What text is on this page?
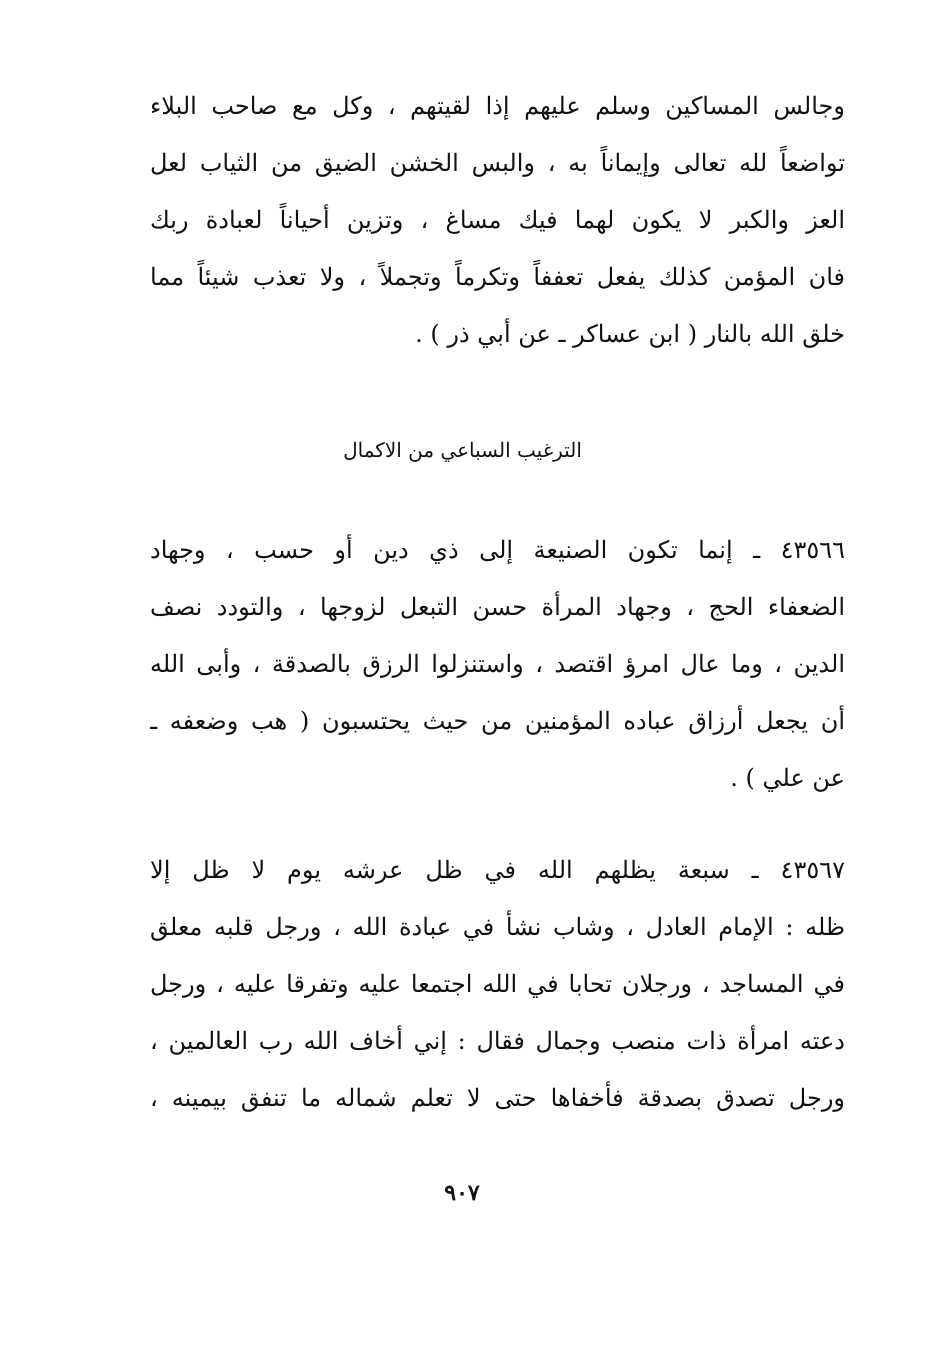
وجالس المساكين وسلم عليهم إذا لقيتهم ، وكل مع صاحب البلاء
تواضعاً لله تعالى وإيماناً به ، والبس الخشن الضيق من الثياب لعل
العز والكبر لا يكون لهما فيك مساغ ، وتزين أحياناً لعبادة ربك
فان المؤمن كذلك يفعل تعففاً وتكرماً وتجملاً ، ولا تعذب شيئاً مما
خلق الله بالنار ( ابن عساكر ـ عن أبي ذر ) .
الترغيب السباعي من الاكمال
٤٣٥٦٦ ـ إنما تكون الصنيعة إلى ذي دين أو حسب ، وجهاد
الضعفاء الحج ، وجهاد المرأة حسن التبعل لزوجها ، والتودد نصف
الدين ، وما عال امرؤ اقتصد ، واستنزلوا الرزق بالصدقة ، وأبى الله
أن يجعل أرزاق عباده المؤمنين من حيث يحتسبون ( هب وضعفه ـ
عن علي ) .
٤٣٥٦٧ ـ سبعة يظلهم الله في ظل عرشه يوم لا ظل إلا
ظله : الإمام العادل ، وشاب نشأ في عبادة الله ، ورجل قلبه معلق
في المساجد ، ورجلان تحابا في الله اجتمعا عليه وتفرقا عليه ، ورجل
دعته امرأة ذات منصب وجمال فقال : إني أخاف الله رب العالمين ،
ورجل تصدق بصدقة فأخفاها حتى لا تعلم شماله ما تنفق بيمينه ،
٩٠٧
